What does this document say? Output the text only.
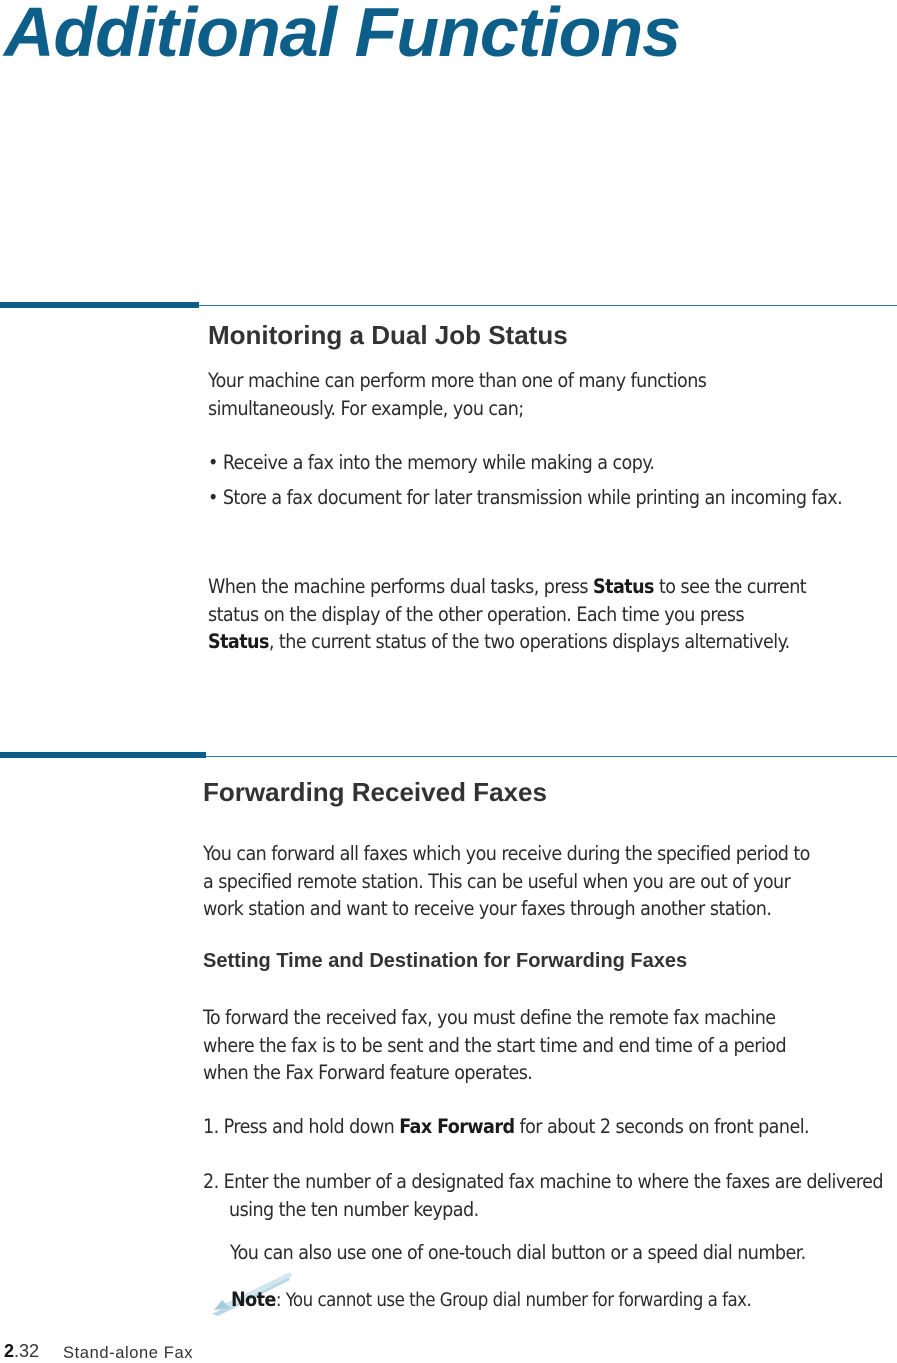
Additional Functions
Monitoring a Dual Job Status

Your machine can perform more than one of many functions

simultaneously. For example, you can;

• Receive a fax into the memory while making a copy.

• Store a fax document for later transmission while printing an incoming fax.

When the machine performs dual tasks, press Status to see the current

status on the display of the other operation. Each time you press

Status, the current status of the two operations displays alternatively.

Forwarding Received Faxes

You can forward all faxes which you receive during the specified period to

a specified remote station. This can be useful when you are out of your

work station and want to receive your faxes through another station.

Setting Time and Destination for Forwarding Faxes

To forward the received fax, you must define the remote fax machine

where the fax is to be sent and the start time and end time of a period

when the Fax Forward feature operates.

1. Press and hold down Fax Forward for about 2 seconds on front panel.

2. Enter the number of a designated fax machine to where the faxes are delivered using the ten number keypad.

You can also use one of one-touch dial button or a speed dial number.

Note: You cannot use the Group dial number for forwarding a fax.

2.32 Stand-alone Fax
